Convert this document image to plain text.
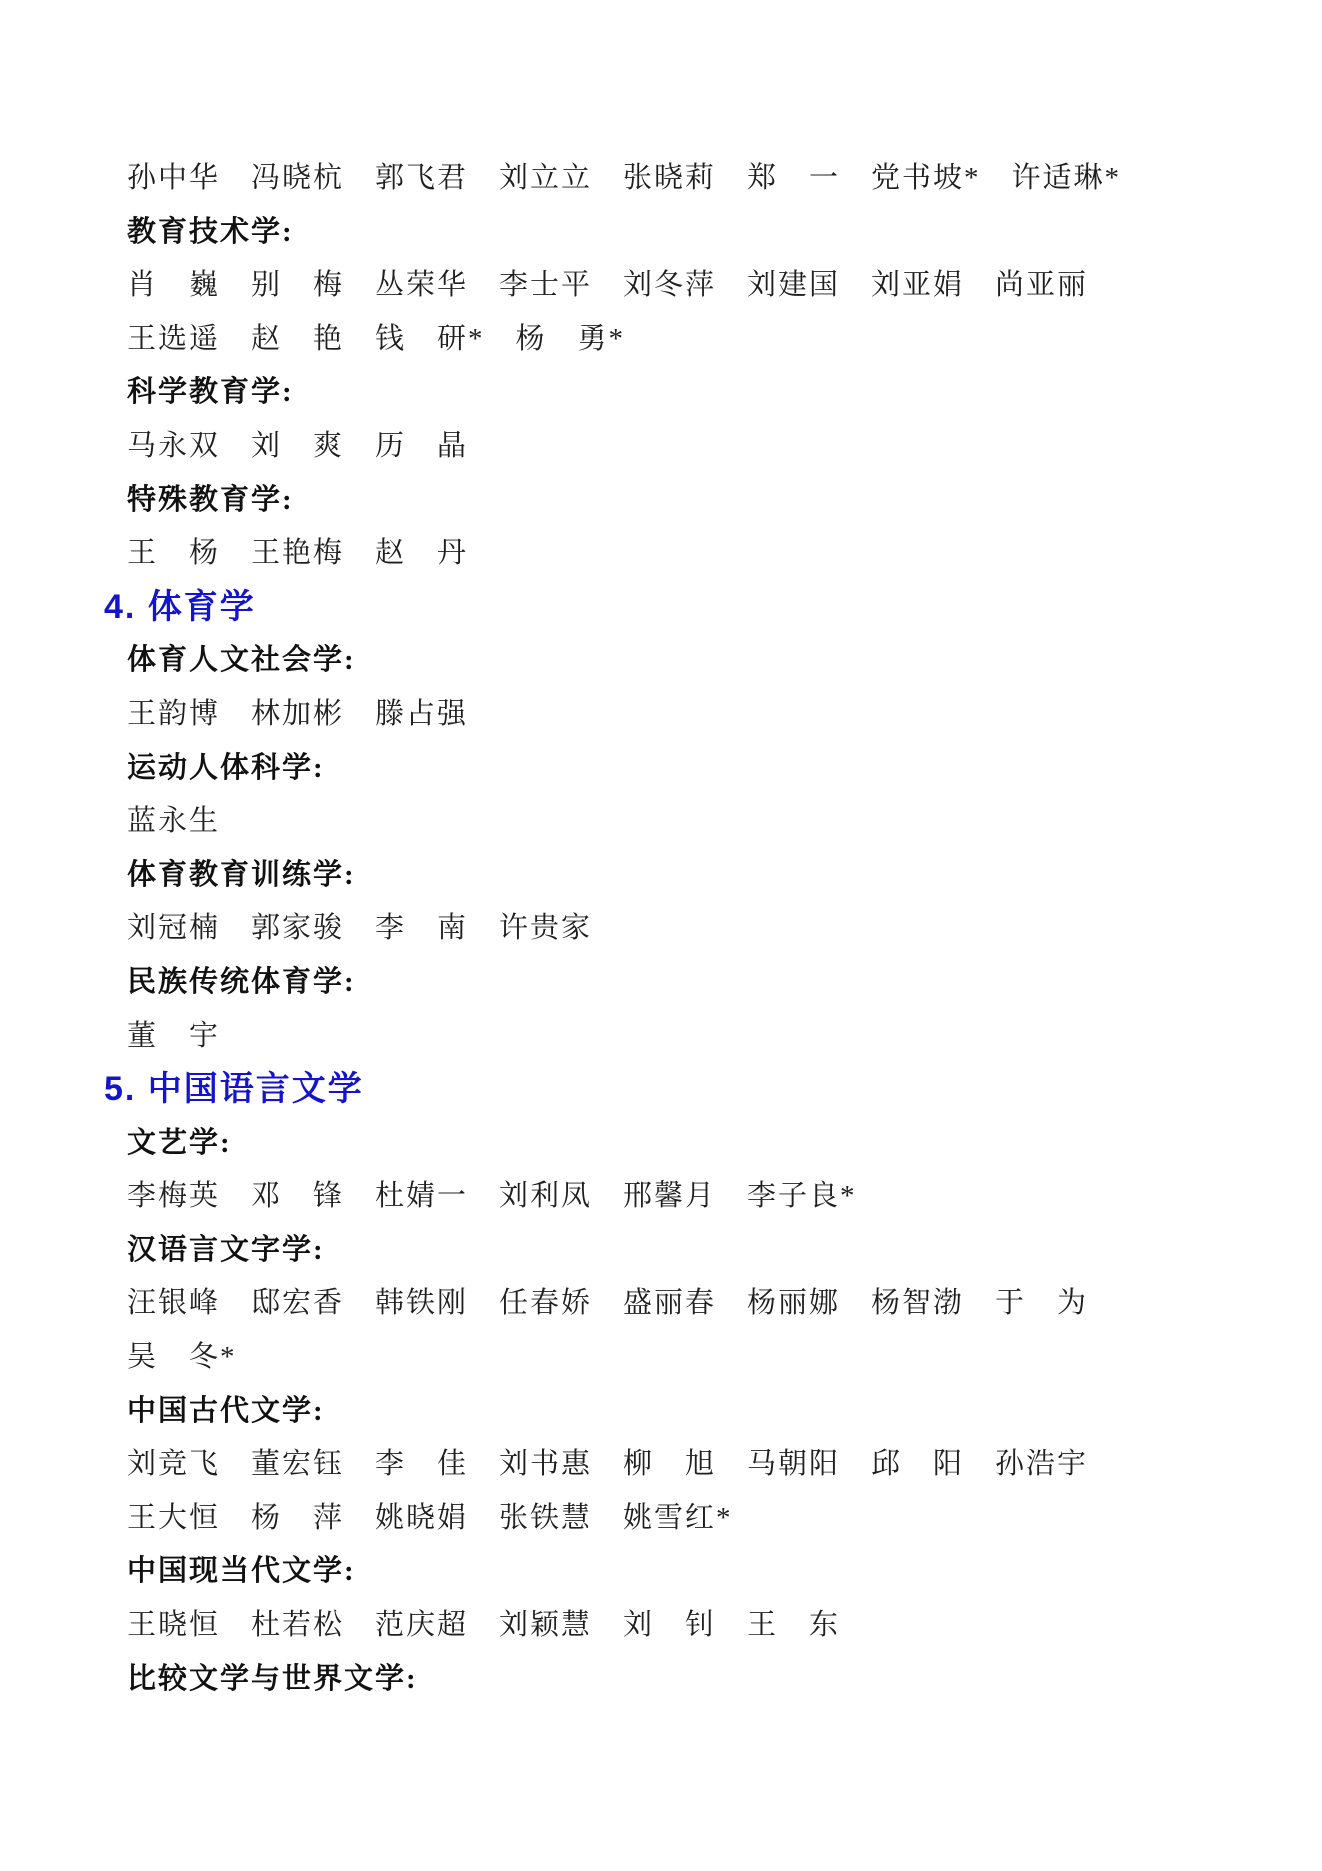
孙中华　冯晓杭　郭飞君　刘立立　张晓莉　郑　一　党书坡*　许适琳*
教育技术学:
肖　巍　别　梅　丛荣华　李士平　刘冬萍　刘建国　刘亚娟　尚亚丽
王选遥　赵　艳　钱　研*　杨　勇*
科学教育学:
马永双　刘　爽　历　晶
特殊教育学:
王　杨　王艳梅　赵　丹
4. 体育学
体育人文社会学:
王韵博　林加彬　滕占强
运动人体科学:
蓝永生
体育教育训练学:
刘冠楠　郭家骏　李　南　许贵家
民族传统体育学:
董　宇
5. 中国语言文学
文艺学:
李梅英　邓　锋　杜婧一　刘利凤　邢馨月　李子良*
汉语言文字学:
汪银峰　邸宏香　韩铁刚　任春娇　盛丽春　杨丽娜　杨智渤　于　为
吴　冬*
中国古代文学:
刘竞飞　董宏钰　李　佳　刘书惠　柳　旭　马朝阳　邱　阳　孙浩宇
王大恒　杨　萍　姚晓娟　张铁慧　姚雪红*
中国现当代文学:
王晓恒　杜若松　范庆超　刘颖慧　刘　钊　王　东
比较文学与世界文学:
